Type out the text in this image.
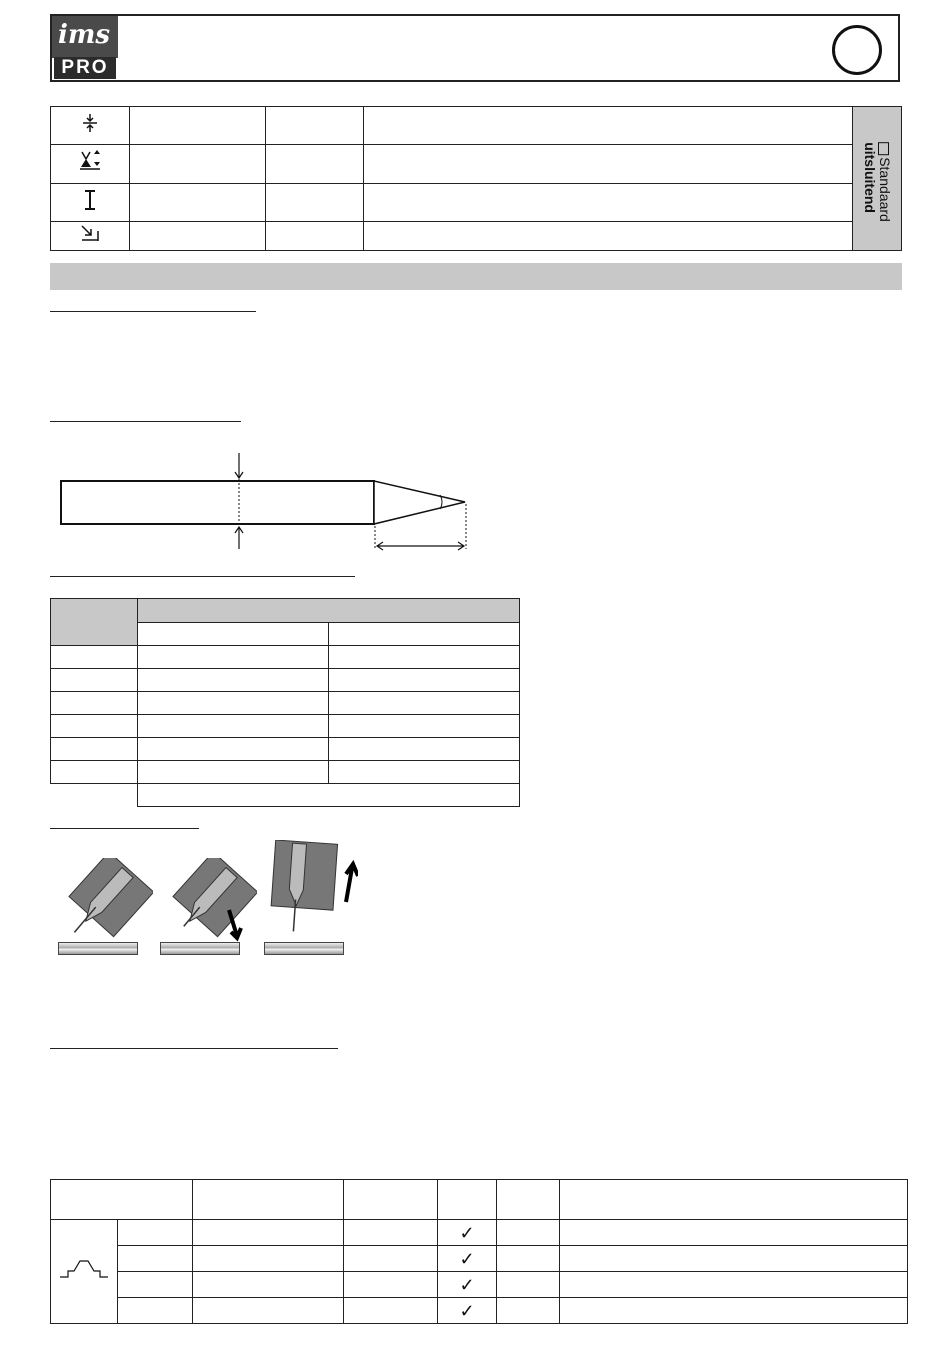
ims
PRO

Standaard
uitsluitend

				✓		
				✓		
				✓		
				✓		
